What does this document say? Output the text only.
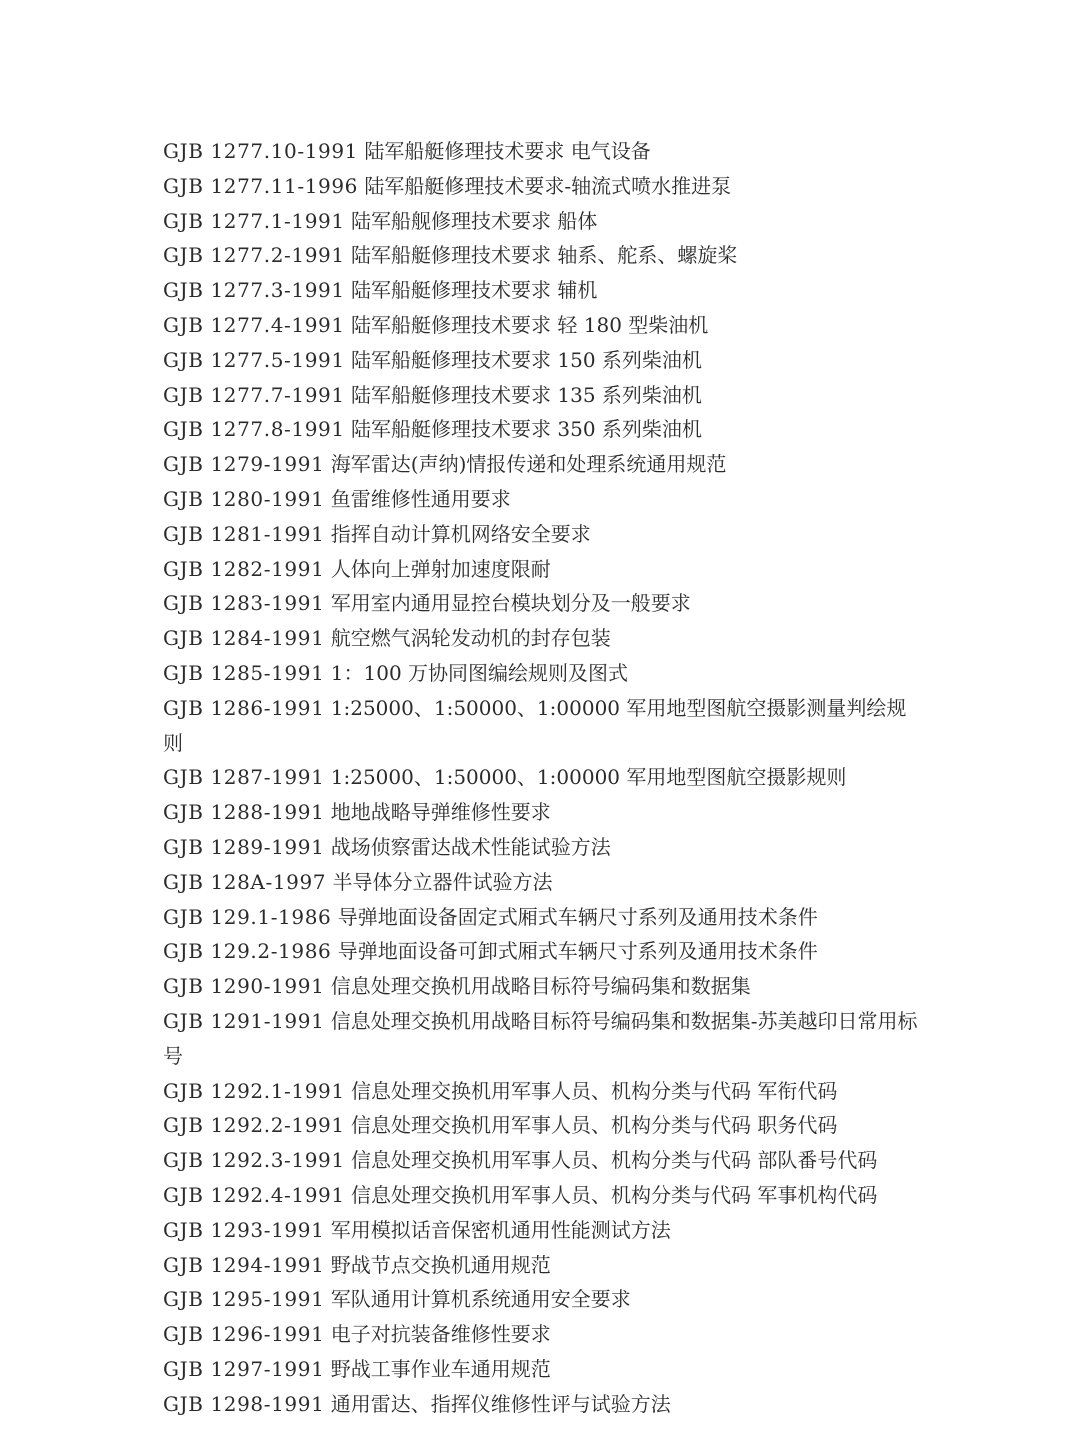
GJB 1277.10-1991 陆军船艇修理技术要求 电气设备
GJB 1277.11-1996 陆军船艇修理技术要求-轴流式喷水推进泵
GJB 1277.1-1991 陆军船舰修理技术要求 船体
GJB 1277.2-1991 陆军船艇修理技术要求 轴系、舵系、螺旋桨
GJB 1277.3-1991 陆军船艇修理技术要求 辅机
GJB 1277.4-1991 陆军船艇修理技术要求 轻 180 型柴油机
GJB 1277.5-1991 陆军船艇修理技术要求 150 系列柴油机
GJB 1277.7-1991 陆军船艇修理技术要求 135 系列柴油机
GJB 1277.8-1991 陆军船艇修理技术要求 350 系列柴油机
GJB 1279-1991 海军雷达(声纳)情报传递和处理系统通用规范
GJB 1280-1991 鱼雷维修性通用要求
GJB 1281-1991 指挥自动计算机网络安全要求
GJB 1282-1991 人体向上弹射加速度限耐
GJB 1283-1991 军用室内通用显控台模块划分及一般要求
GJB 1284-1991 航空燃气涡轮发动机的封存包装
GJB 1285-1991 1：100 万协同图编绘规则及图式
GJB 1286-1991 1:25000、1:50000、1:00000 军用地型图航空摄影测量判绘规则
GJB 1287-1991 1:25000、1:50000、1:00000 军用地型图航空摄影规则
GJB 1288-1991 地地战略导弹维修性要求
GJB 1289-1991 战场侦察雷达战术性能试验方法
GJB 128A-1997 半导体分立器件试验方法
GJB 129.1-1986 导弹地面设备固定式厢式车辆尺寸系列及通用技术条件
GJB 129.2-1986 导弹地面设备可卸式厢式车辆尺寸系列及通用技术条件
GJB 1290-1991 信息处理交换机用战略目标符号编码集和数据集
GJB 1291-1991 信息处理交换机用战略目标符号编码集和数据集-苏美越印日常用标号
GJB 1292.1-1991 信息处理交换机用军事人员、机构分类与代码 军衔代码
GJB 1292.2-1991 信息处理交换机用军事人员、机构分类与代码 职务代码
GJB 1292.3-1991 信息处理交换机用军事人员、机构分类与代码 部队番号代码
GJB 1292.4-1991 信息处理交换机用军事人员、机构分类与代码 军事机构代码
GJB 1293-1991 军用模拟话音保密机通用性能测试方法
GJB 1294-1991 野战节点交换机通用规范
GJB 1295-1991 军队通用计算机系统通用安全要求
GJB 1296-1991 电子对抗装备维修性要求
GJB 1297-1991 野战工事作业车通用规范
GJB 1298-1991 通用雷达、指挥仪维修性评与试验方法
